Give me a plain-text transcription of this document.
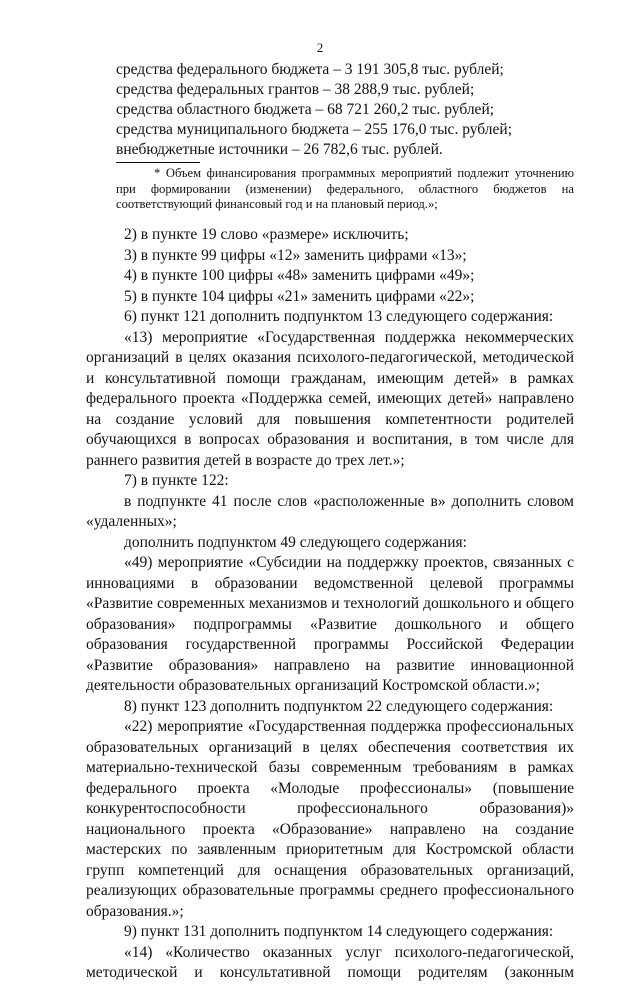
2
средства федерального бюджета – 3 191 305,8 тыс. рублей;
средства федеральных грантов – 38 288,9 тыс. рублей;
средства областного бюджета – 68 721 260,2 тыс. рублей;
средства муниципального бюджета – 255 176,0 тыс. рублей;
внебюджетные источники – 26 782,6 тыс. рублей.
* Объем финансирования программных мероприятий подлежит уточнению при формировании (изменении) федерального, областного бюджетов на соответствующий финансовый год и на плановый период.»;
2) в пункте 19 слово «размере» исключить;
3) в пункте 99 цифры «12» заменить цифрами «13»;
4) в пункте 100 цифры «48» заменить цифрами «49»;
5) в пункте 104 цифры «21» заменить цифрами «22»;
6) пункт 121 дополнить подпунктом 13 следующего содержания:
«13) мероприятие «Государственная поддержка некоммерческих организаций в целях оказания психолого-педагогической, методической и консультативной помощи гражданам, имеющим детей» в рамках федерального проекта «Поддержка семей, имеющих детей» направлено на создание условий для повышения компетентности родителей обучающихся в вопросах образования и воспитания, в том числе для раннего развития детей в возрасте до трех лет.»;
7) в пункте 122:
в подпункте 41 после слов «расположенные в» дополнить словом «удаленных»;
дополнить подпунктом 49 следующего содержания:
«49) мероприятие «Субсидии на поддержку проектов, связанных с инновациями в образовании ведомственной целевой программы «Развитие современных механизмов и технологий дошкольного и общего образования» подпрограммы «Развитие дошкольного и общего образования государственной программы Российской Федерации «Развитие образования» направлено на развитие инновационной деятельности образовательных организаций Костромской области.»;
8) пункт 123 дополнить подпунктом 22 следующего содержания:
«22) мероприятие «Государственная поддержка профессиональных образовательных организаций в целях обеспечения соответствия их материально-технической базы современным требованиям в рамках федерального проекта «Молодые профессионалы» (повышение конкурентоспособности профессионального образования)» национального проекта «Образование» направлено на создание мастерских по заявленным приоритетным для Костромской области групп компетенций для оснащения образовательных организаций, реализующих образовательные программы среднего профессионального образования.»;
9) пункт 131 дополнить подпунктом 14 следующего содержания:
«14) «Количество оказанных услуг психолого-педагогической, методической и консультативной помощи родителям (законным
